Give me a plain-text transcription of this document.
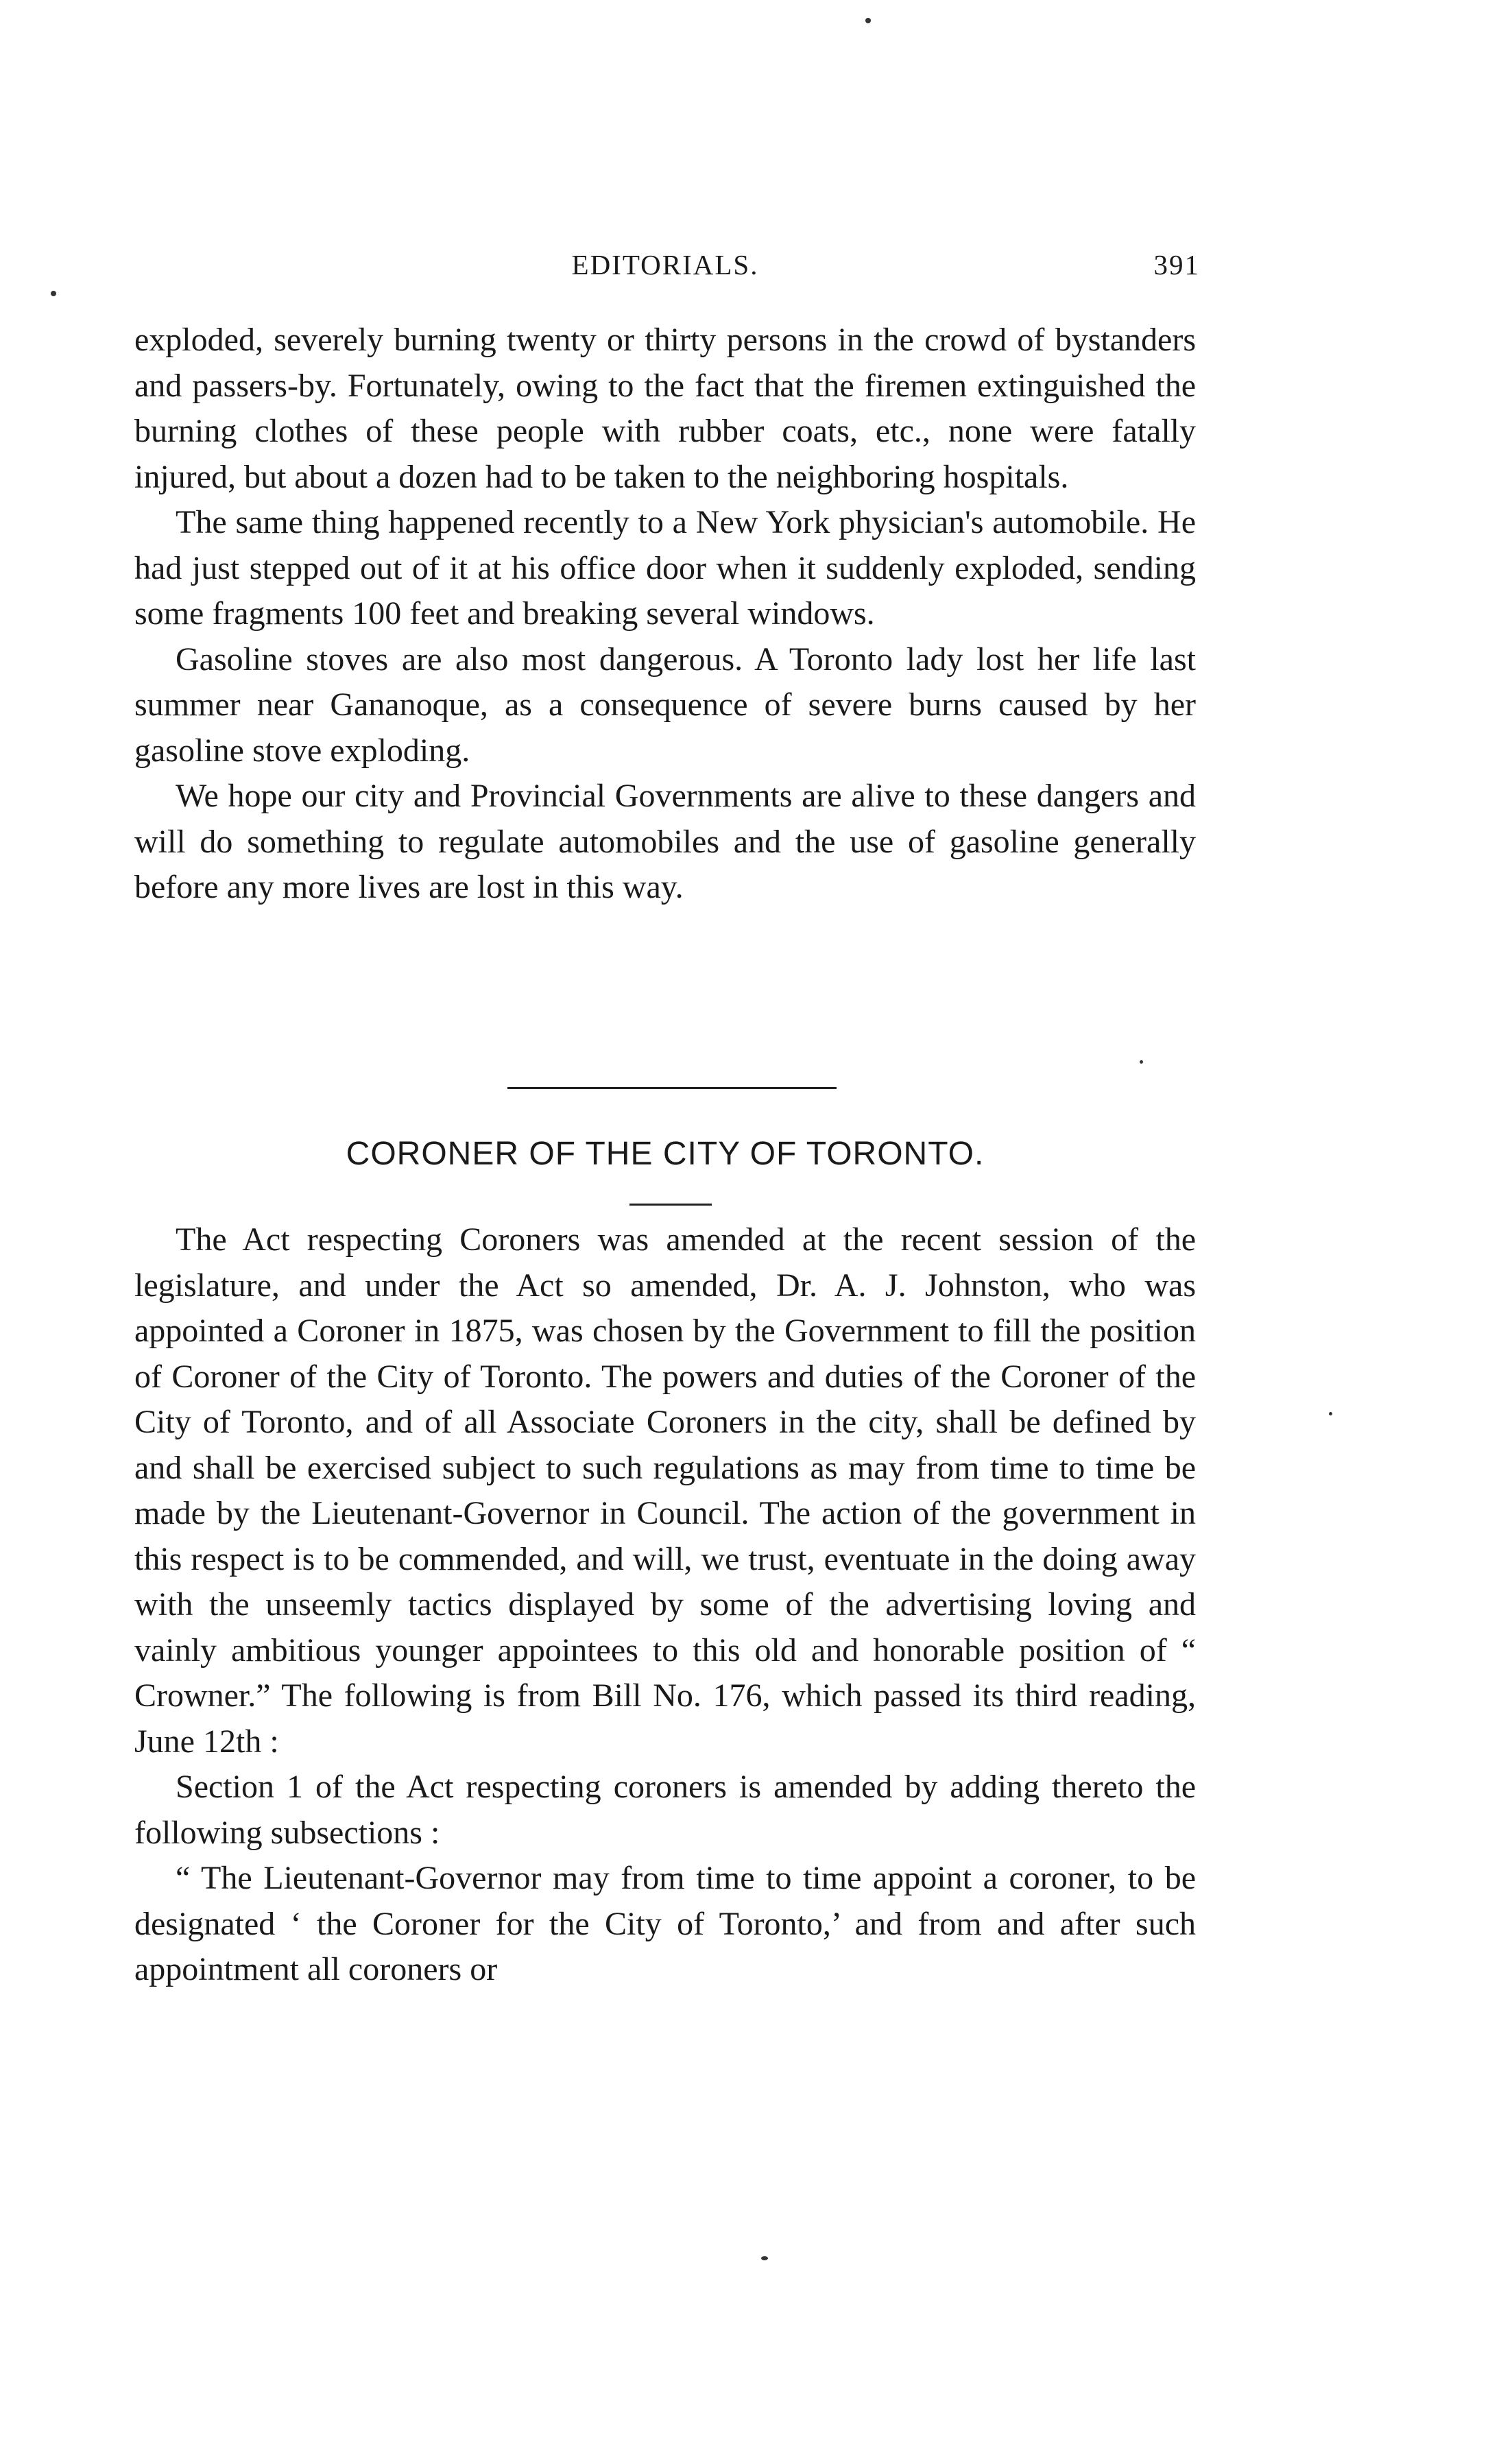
EDITORIALS.	391

exploded, severely burning twenty or thirty persons in the crowd of bystanders and passers-by. Fortunately, owing to the fact that the firemen extinguished the burning clothes of these people with rubber coats, etc., none were fatally injured, but about a dozen had to be taken to the neighboring hospitals.

The same thing happened recently to a New York physician's automobile. He had just stepped out of it at his office door when it suddenly exploded, sending some fragments 100 feet and breaking several windows.

Gasoline stoves are also most dangerous. A Toronto lady lost her life last summer near Gananoque, as a consequence of severe burns caused by her gasoline stove exploding.

We hope our city and Provincial Governments are alive to these dangers and will do something to regulate automobiles and the use of gasoline generally before any more lives are lost in this way.

CORONER OF THE CITY OF TORONTO.

The Act respecting Coroners was amended at the recent session of the legislature, and under the Act so amended, Dr. A. J. Johnston, who was appointed a Coroner in 1875, was chosen by the Government to fill the position of Coroner of the City of Toronto. The powers and duties of the Coroner of the City of Toronto, and of all Associate Coroners in the city, shall be defined by and shall be exercised subject to such regulations as may from time to time be made by the Lieutenant-Governor in Council. The action of the government in this respect is to be commended, and will, we trust, eventuate in the doing away with the unseemly tactics displayed by some of the advertising loving and vainly ambitious younger appointees to this old and honorable position of “ Crowner.” The following is from Bill No. 176, which passed its third reading, June 12th :

Section 1 of the Act respecting coroners is amended by adding thereto the following subsections :

“ The Lieutenant-Governor may from time to time appoint a coroner, to be designated ‘ the Coroner for the City of Toronto,’ and from and after such appointment all coroners or
